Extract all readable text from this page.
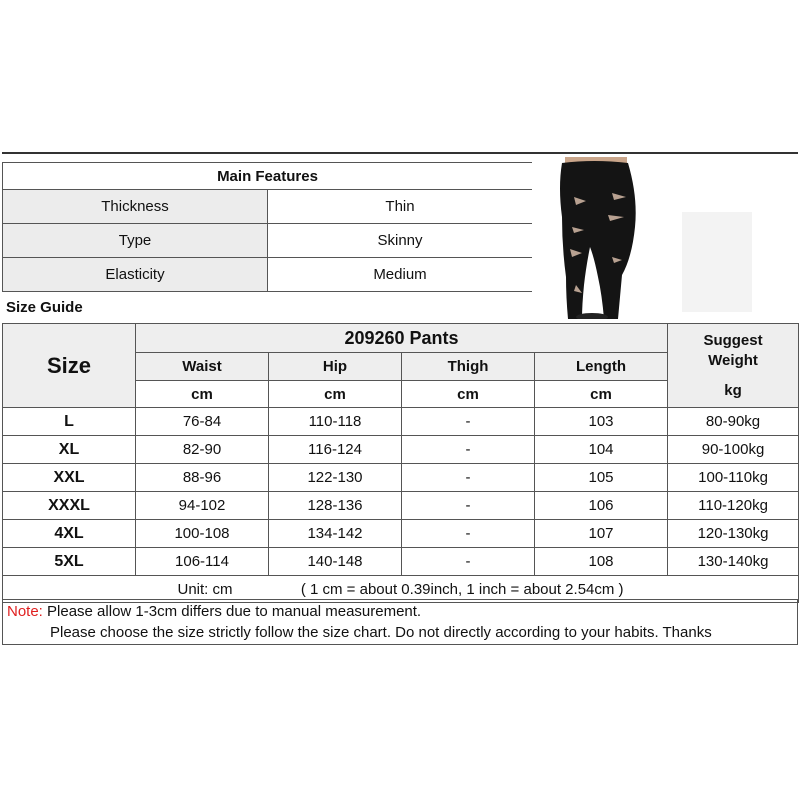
Main Features	
Thickness	Thin
Type	Skinny
Elasticity	Medium
Size Guide
Size	209260 Pants				Suggest
Weight
kg

	Waist	Hip	Thigh	Length	
	cm	cm	cm	cm	
L	76-84	110-118	-	103	80-90kg
XL	82-90	116-124	-	104	90-100kg
XXL	88-96	122-130	-	105	100-110kg
XXXL	94-102	128-136	-	106	110-120kg
4XL	100-108	134-142	-	107	120-130kg
5XL	106-114	140-148	-	108	130-140kg
Unit: cm ( 1 cm = about 0.39inch, 1 inch = about 2.54cm )					
Note: Please allow 1-3cm differs due to manual measurement.
Please choose the size strictly follow the size chart. Do not directly according to your habits. Thanks
